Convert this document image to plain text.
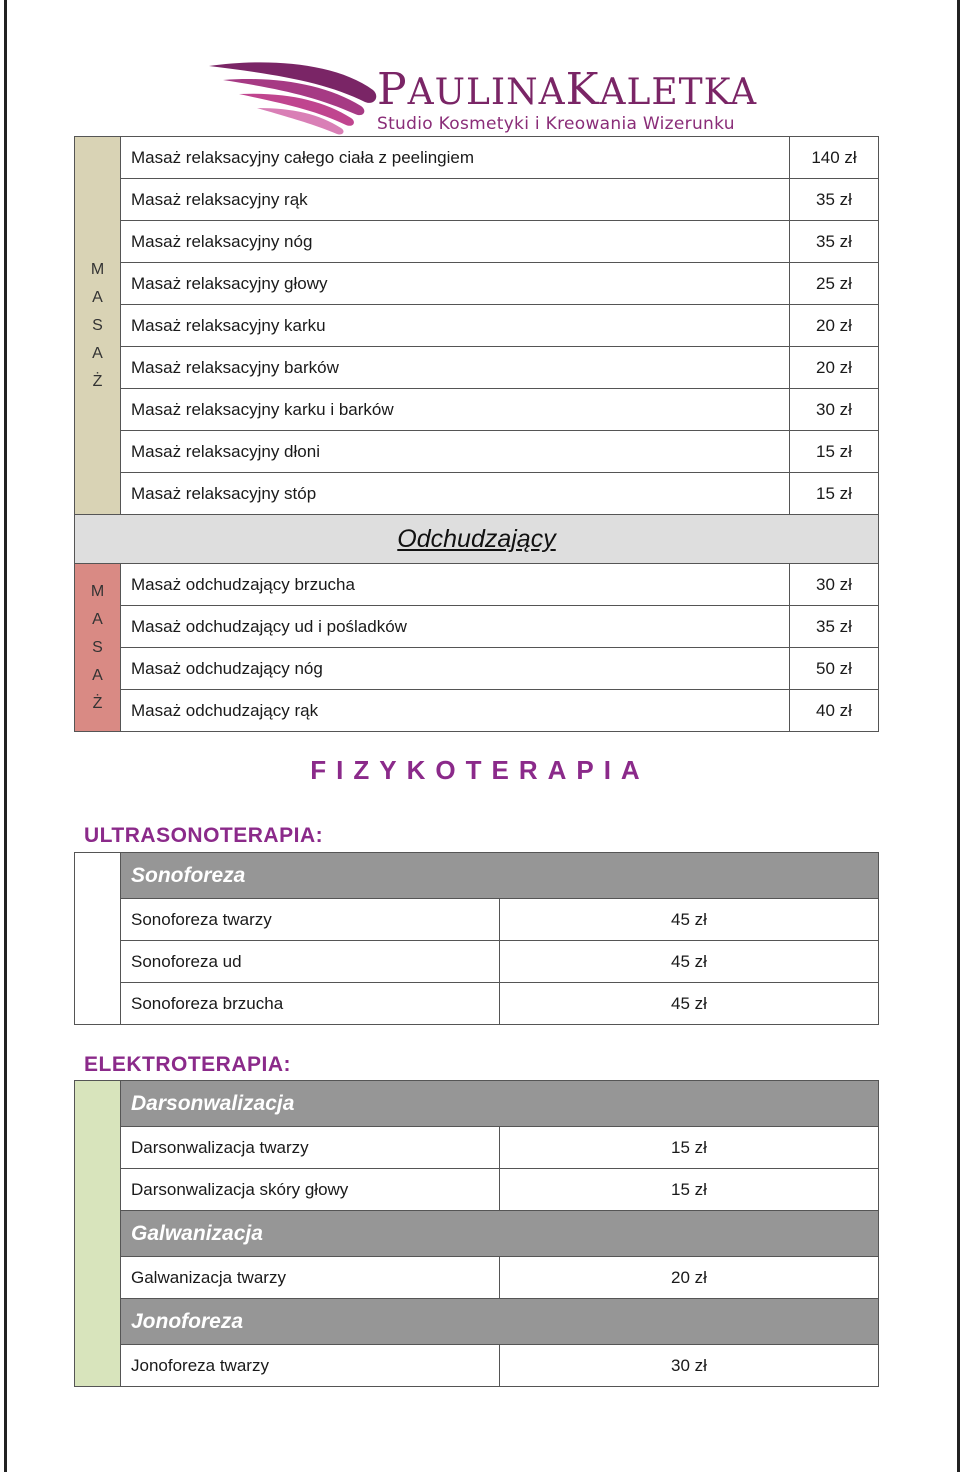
PAULINAKALETKA
Studio Kosmetyki i Kreowania Wizerunku
M
A
S
A
Ż	Masaż relaksacyjny całego ciała z peelingiem	140 zł
	Masaż relaksacyjny rąk	35 zł
	Masaż relaksacyjny nóg	35 zł
	Masaż relaksacyjny głowy	25 zł
	Masaż relaksacyjny karku	20 zł
	Masaż relaksacyjny barków	20 zł
	Masaż relaksacyjny karku i barków	30 zł
	Masaż relaksacyjny dłoni	15 zł
	Masaż relaksacyjny stóp	15 zł
Odchudzający		
M
A
S
A
Ż	Masaż odchudzający brzucha	30 zł
	Masaż odchudzający ud i pośladków	35 zł
	Masaż odchudzający nóg	50 zł
	Masaż odchudzający rąk	40 zł
FIZYKOTERAPIA
ULTRASONOTERAPIA:
	Sonoforeza	
	Sonoforeza twarzy	45 zł
	Sonoforeza ud	45 zł
	Sonoforeza brzucha	45 zł
ELEKTROTERAPIA:
	Darsonwalizacja	
	Darsonwalizacja twarzy	15 zł
	Darsonwalizacja skóry głowy	15 zł
	Galwanizacja	
	Galwanizacja twarzy	20 zł
	Jonoforeza	
	Jonoforeza twarzy	30 zł
